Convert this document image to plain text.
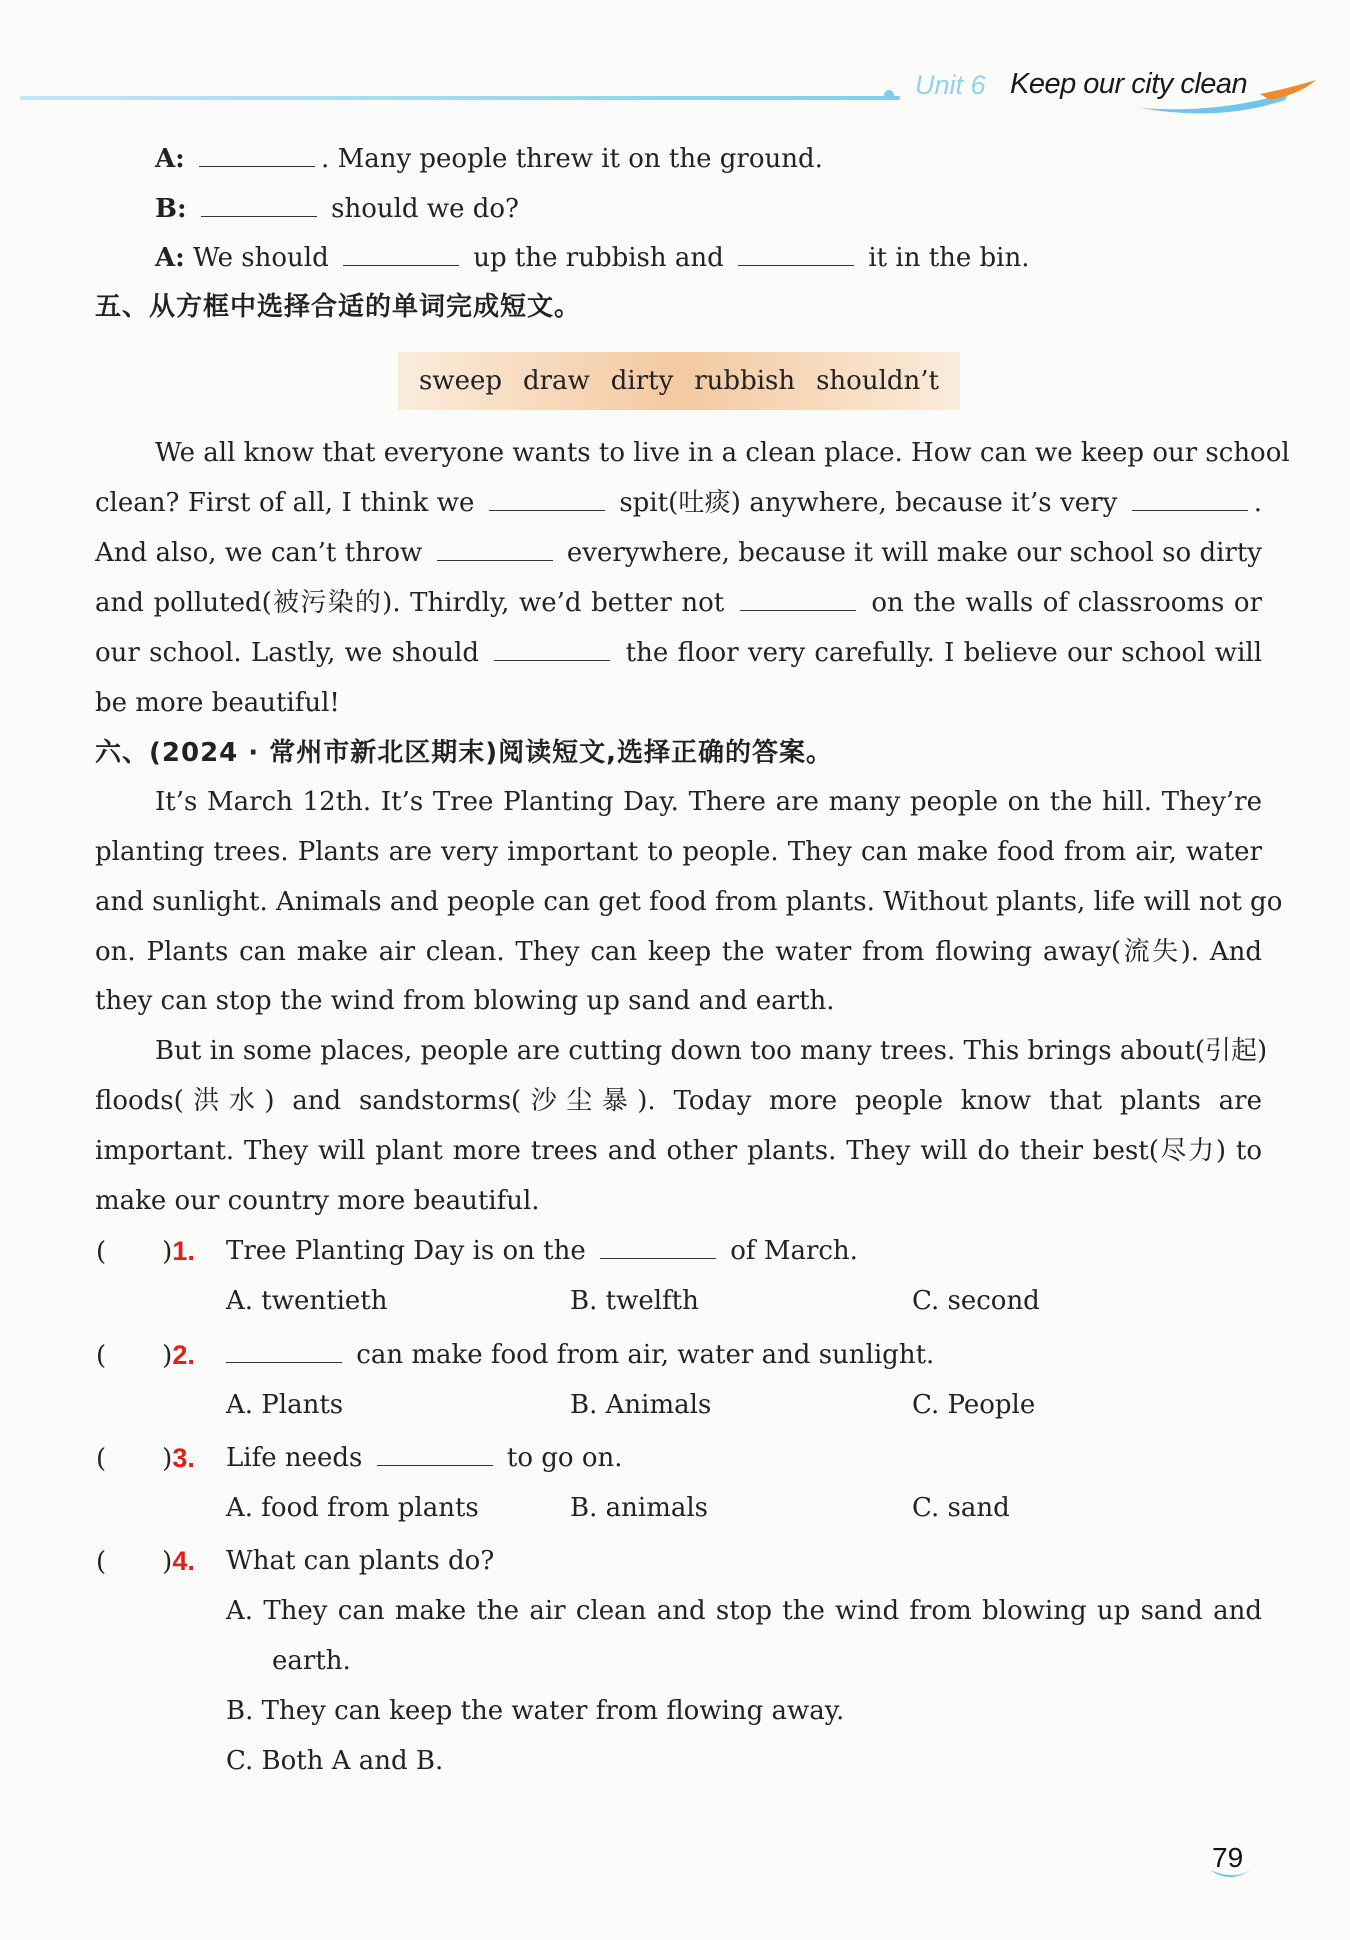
Unit 6 Keep our city clean
A:	. Many people threw it on the ground.
B:	should we do?
A: We should	up the rubbish and	it in the bin.
五、从方框中选择合适的单词完成短文。
sweep draw dirty rubbish shouldn’t
We all know that everyone wants to live in a clean place. How can we keep our school
clean? First of all, I think we	spit(吐痰) anywhere, because it’s very	.
And also, we can’t throw	everywhere, because it will make our school so dirty
and polluted(被污染的). Thirdly, we’d better not	on the walls of classrooms or
our school. Lastly, we should	the floor very carefully. I believe our school will
be more beautiful!
六、(2024 · 常州市新北区期末)阅读短文,选择正确的答案。
It’s March 12th. It’s Tree Planting Day. There are many people on the hill. They’re
planting trees. Plants are very important to people. They can make food from air, water
and sunlight. Animals and people can get food from plants. Without plants, life will not go
on. Plants can make air clean. They can keep the water from flowing away(流失). And
they can stop the wind from blowing up sand and earth.
But in some places, people are cutting down too many trees. This brings about(引起)
floods(洪水) and sandstorms(沙尘暴). Today more people know that plants are
important. They will plant more trees and other plants. They will do their best(尽力) to
make our country more beautiful.
( )1. Tree Planting Day is on the	of March.
A. twentieth	B. twelfth	C. second
( )2.	can make food from air, water and sunlight.
A. Plants	B. Animals	C. People
( )3. Life needs	to go on.
A. food from plants	B. animals	C. sand
( )4. What can plants do?
A. They can make the air clean and stop the wind from blowing up sand and
earth.
B. They can keep the water from flowing away.
C. Both A and B.
79
